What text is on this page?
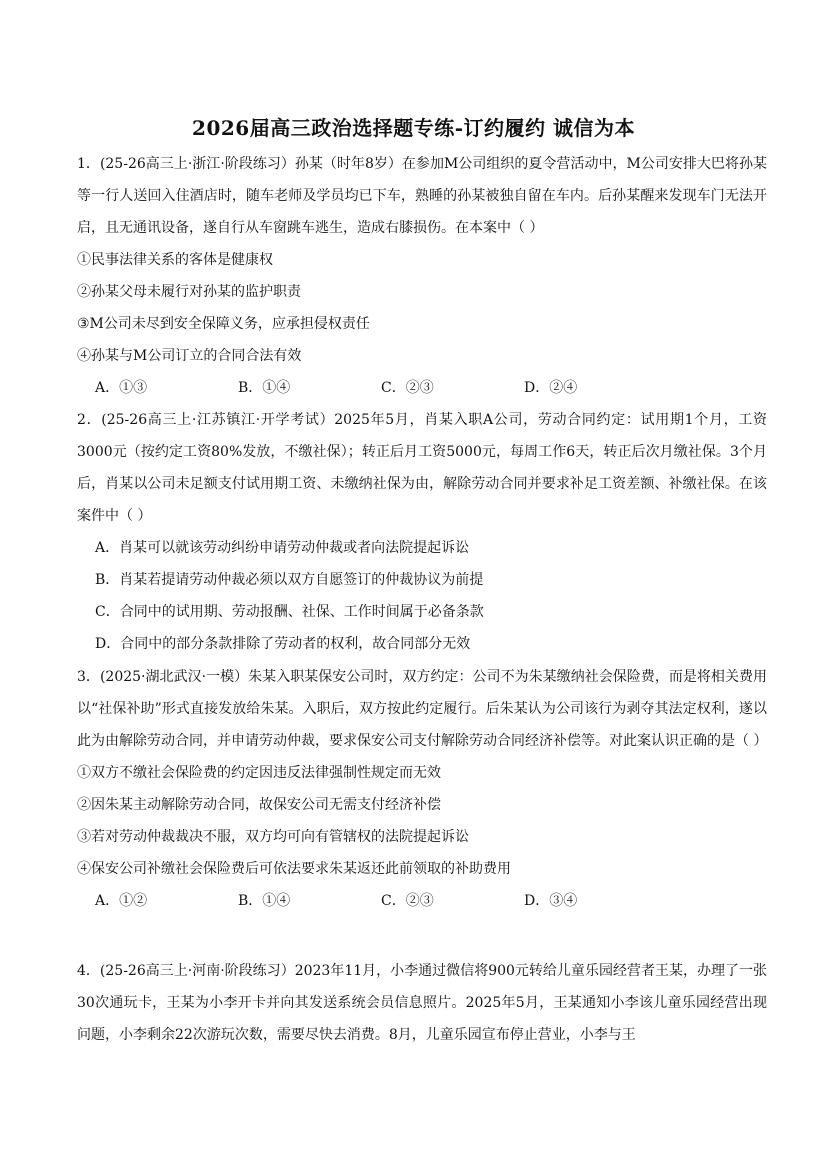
2026届高三政治选择题专练-订约履约 诚信为本

1．(25-26高三上·浙江·阶段练习）孙某（时年8岁）在参加M公司组织的夏令营活动中，M公司安排大巴将孙某等一行人送回入住酒店时，随车老师及学员均已下车，熟睡的孙某被独自留在车内。后孙某醒来发现车门无法开启，且无通讯设备，遂自行从车窗跳车逃生，造成右膝损伤。在本案中（ ）

①民事法律关系的客体是健康权

②孙某父母未履行对孙某的监护职责

③M公司未尽到安全保障义务，应承担侵权责任

④孙某与M公司订立的合同合法有效

A．①③	B．①④	C．②③	D．②④

2．(25-26高三上·江苏镇江·开学考试）2025年5月，肖某入职A公司，劳动合同约定：试用期1个月，工资3000元（按约定工资80%发放，不缴社保）；转正后月工资5000元，每周工作6天，转正后次月缴社保。3个月后，肖某以公司未足额支付试用期工资、未缴纳社保为由，解除劳动合同并要求补足工资差额、补缴社保。在该案件中（ ）

A．肖某可以就该劳动纠纷申请劳动仲裁或者向法院提起诉讼

B．肖某若提请劳动仲裁必须以双方自愿签订的仲裁协议为前提

C．合同中的试用期、劳动报酬、社保、工作时间属于必备条款

D．合同中的部分条款排除了劳动者的权利，故合同部分无效

3．(2025·湖北武汉·一模）朱某入职某保安公司时，双方约定：公司不为朱某缴纳社会保险费，而是将相关费用以“社保补助”形式直接发放给朱某。入职后，双方按此约定履行。后朱某认为公司该行为剥夺其法定权利，遂以此为由解除劳动合同，并申请劳动仲裁，要求保安公司支付解除劳动合同经济补偿等。对此案认识正确的是（ ）

①双方不缴社会保险费的约定因违反法律强制性规定而无效

②因朱某主动解除劳动合同，故保安公司无需支付经济补偿

③若对劳动仲裁裁决不服，双方均可向有管辖权的法院提起诉讼

④保安公司补缴社会保险费后可依法要求朱某返还此前领取的补助费用

A．①②	B．①④	C．②③	D．③④

4．(25-26高三上·河南·阶段练习）2023年11月，小李通过微信将900元转给儿童乐园经营者王某，办理了一张30次通玩卡，王某为小李开卡并向其发送系统会员信息照片。2025年5月，王某通知小李该儿童乐园经营出现问题，小李剩余22次游玩次数，需要尽快去消费。8月，儿童乐园宣布停止营业，小李与王
